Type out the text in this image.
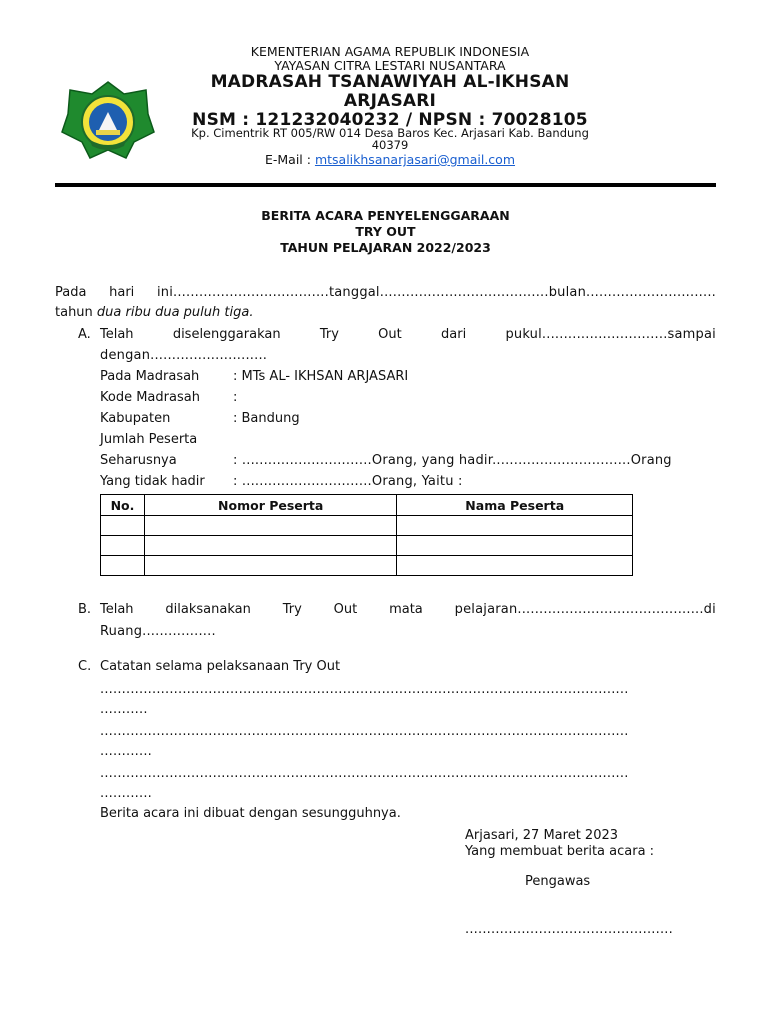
KEMENTERIAN AGAMA REPUBLIK INDONESIA
YAYASAN CITRA LESTARI NUSANTARA
MADRASAH TSANAWIYAH AL-IKHSAN
ARJASARI
NSM : 121232040232 / NPSN : 70028105
Kp. Cimentrik RT 005/RW 014 Desa Baros Kec. Arjasari Kab. Bandung
40379
E-Mail : mtsalikhsanarjasari@gmail.com
BERITA ACARA PENYELENGGARAAN
TRY OUT
TAHUN PELAJARAN 2022/2023
Pada hari ini....................................tanggal.......................................bulan..............................
tahun dua ribu dua puluh tiga.
A. Telah	diselenggarakan	Try	Out	dari	pukul.............................sampai
dengan...........................
Pada Madrasah	: MTs AL- IKHSAN ARJASARI
Kode Madrasah	:
Kabupaten	: Bandung
Jumlah Peserta
Seharusnya	: ..............................Orang, yang hadir................................Orang
Yang tidak hadir : ..............................Orang, Yaitu :
No.	Nomor Peserta	Nama Peserta

B. Telah dilaksanakan Try Out mata pelajaran...........................................di
Ruang.................
C. Catatan selama pelaksanaan Try Out
..........................................................................................................................
...........
..........................................................................................................................
............
..........................................................................................................................
............
Berita acara ini dibuat dengan sesungguhnya.
Arjasari, 27 Maret 2023
Yang membuat berita acara :
Pengawas
................................................
